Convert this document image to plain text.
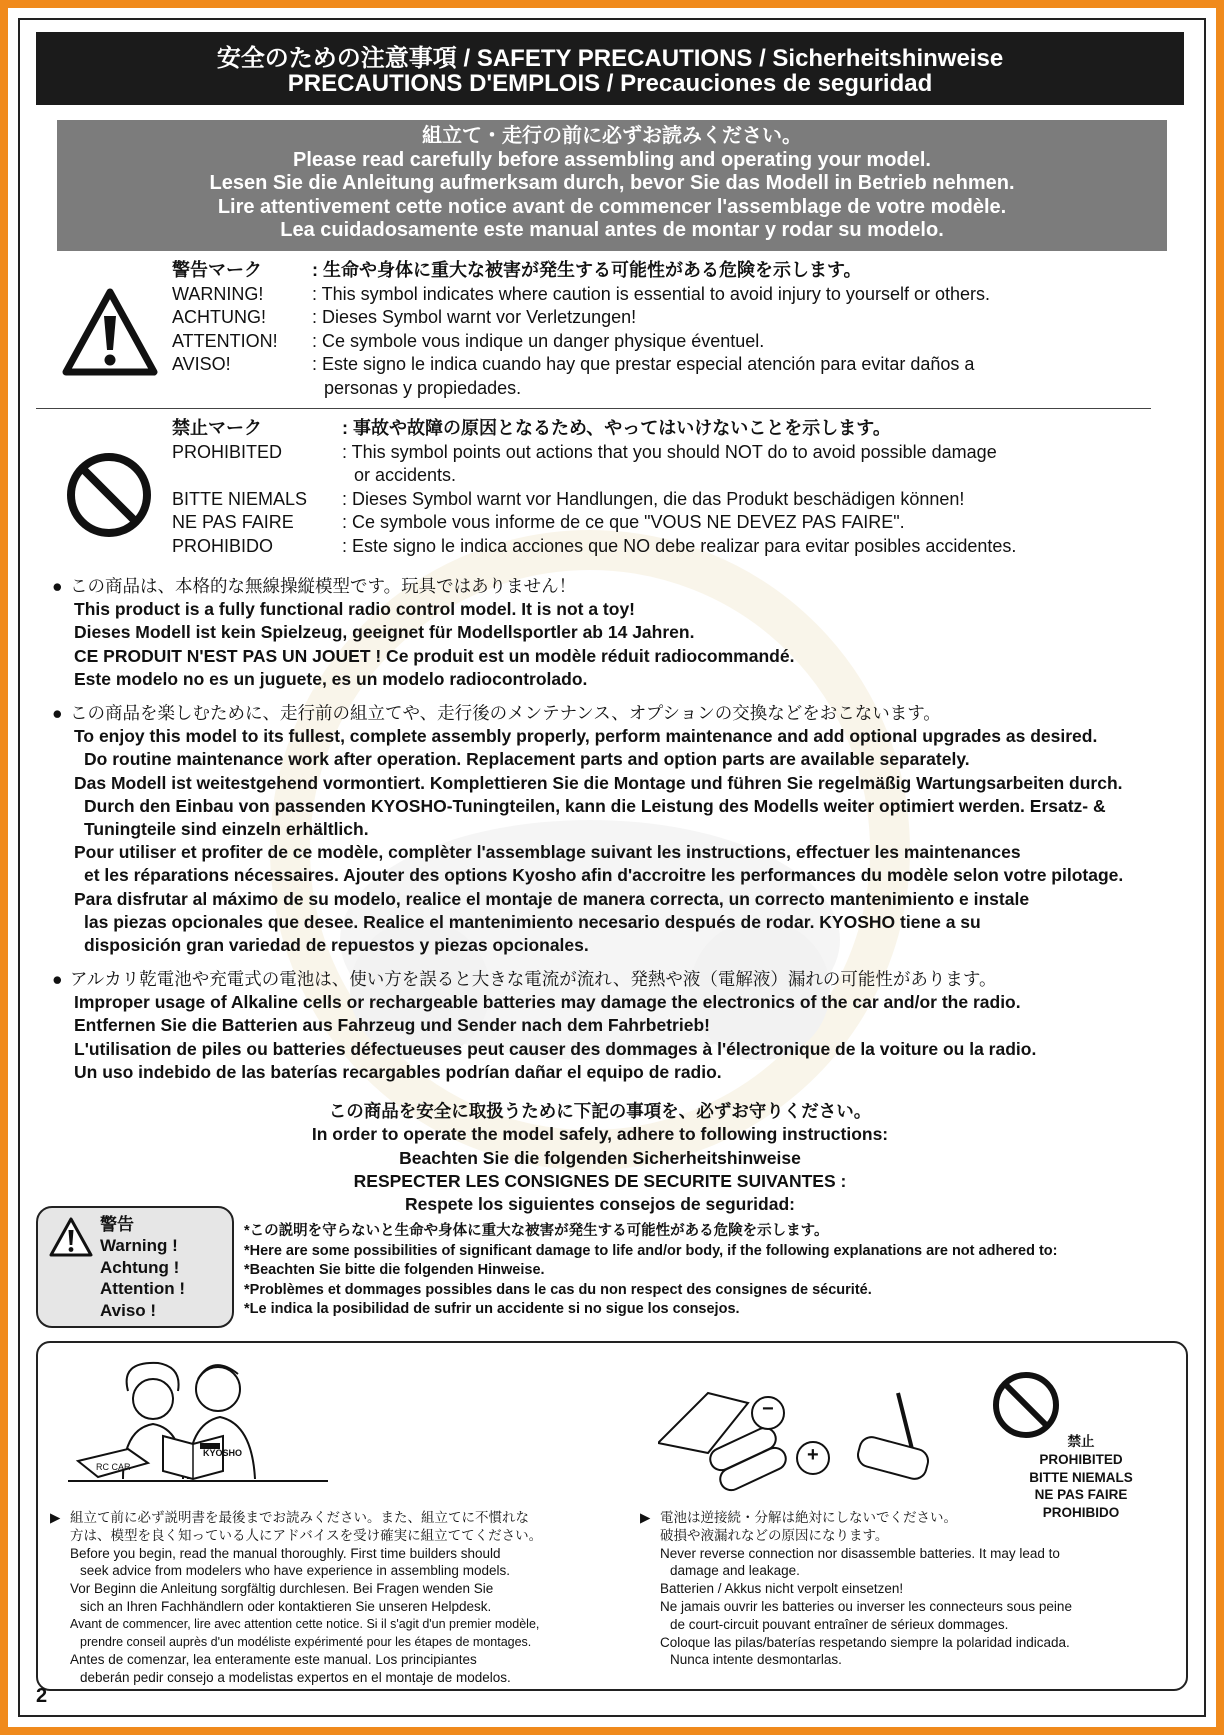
安全のための注意事項 / SAFETY PRECAUTIONS / Sicherheitshinweise
PRECAUTIONS D'EMPLOIS / Precauciones de seguridad
組立て・走行の前に必ずお読みください。
Please read carefully before assembling and operating your model.
Lesen Sie die Anleitung aufmerksam durch, bevor Sie das Modell in Betrieb nehmen.
Lire attentivement cette notice avant de commencer l'assemblage de votre modèle.
Lea cuidadosamente este manual antes de montar y rodar su modelo.
警告マーク
WARNING!
ACHTUNG!
ATTENTION!
AVISO!
: 生命や身体に重大な被害が発生する可能性がある危険を示します。
: This symbol indicates where caution is essential to avoid injury to yourself or others.
: Dieses Symbol warnt vor Verletzungen!
: Ce symbole vous indique un danger physique éventuel.
: Este signo le indica cuando hay que prestar especial atención para evitar daños a
personas y propiedades.
禁止マーク
PROHIBITED
BITTE NIEMALS
NE PAS FAIRE
PROHIBIDO
: 事故や故障の原因となるため、やってはいけないことを示します。
: This symbol points out actions that you should NOT do to avoid possible damage
or accidents.
: Dieses Symbol warnt vor Handlungen, die das Produkt beschädigen können!
: Ce symbole vous informe de ce que "VOUS NE DEVEZ PAS FAIRE".
: Este signo le indica acciones que NO debe realizar para evitar posibles accidentes.
● この商品は、本格的な無線操縦模型です。玩具ではありません！
This product is a fully functional radio control model. It is not a toy!
Dieses Modell ist kein Spielzeug, geeignet für Modellsportler ab 14 Jahren.
CE PRODUIT N'EST PAS UN JOUET ! Ce produit est un modèle réduit radiocommandé.
Este modelo no es un juguete, es un modelo radiocontrolado.
● この商品を楽しむために、走行前の組立てや、走行後のメンテナンス、オプションの交換などをおこないます。
To enjoy this model to its fullest, complete assembly properly, perform maintenance and add optional upgrades as desired.
Do routine maintenance work after operation. Replacement parts and option parts are available separately.
Das Modell ist weitestgehend vormontiert. Komplettieren Sie die Montage und führen Sie regelmäßig Wartungsarbeiten durch.
Durch den Einbau von passenden KYOSHO-Tuningteilen, kann die Leistung des Modells weiter optimiert werden. Ersatz- &
Tuningteile sind einzeln erhältlich.
Pour utiliser et profiter de ce modèle, complèter l'assemblage suivant les instructions, effectuer les maintenances
et les réparations nécessaires. Ajouter des options Kyosho afin d'accroitre les performances du modèle selon votre pilotage.
Para disfrutar al máximo de su modelo, realice el montaje de manera correcta, un correcto mantenimiento e instale
las piezas opcionales que desee. Realice el mantenimiento necesario después de rodar. KYOSHO tiene a su
disposición gran variedad de repuestos y piezas opcionales.
● アルカリ乾電池や充電式の電池は、使い方を誤ると大きな電流が流れ、発熱や液（電解液）漏れの可能性があります。
Improper usage of Alkaline cells or rechargeable batteries may damage the electronics of the car and/or the radio.
Entfernen Sie die Batterien aus Fahrzeug und Sender nach dem Fahrbetrieb!
L'utilisation de piles ou batteries défectueuses peut causer des dommages à l'électronique de la voiture ou la radio.
Un uso indebido de las baterías recargables podrían dañar el equipo de radio.
この商品を安全に取扱うために下記の事項を、必ずお守りください。
In order to operate the model safely, adhere to following instructions:
Beachten Sie die folgenden Sicherheitshinweise
RESPECTER LES CONSIGNES DE SECURITE SUIVANTES :
Respete los siguientes consejos de seguridad:
警告
Warning !
Achtung !
Attention !
Aviso !
*この説明を守らないと生命や身体に重大な被害が発生する可能性がある危険を示します。
*Here are some possibilities of significant damage to life and/or body, if the following explanations are not adhered to:
*Beachten Sie bitte die folgenden Hinweise.
*Problèmes et dommages possibles dans le cas du non respect des consignes de sécurité.
*Le indica la posibilidad de sufrir un accidente si no sigue los consejos.
RC CAR
KYOSHO
▶ 組立て前に必ず説明書を最後までお読みください。また、組立てに不慣れな
方は、模型を良く知っている人にアドバイスを受け確実に組立ててください。
Before you begin, read the manual thoroughly. First time builders should
seek advice from modelers who have experience in assembling models.
Vor Beginn die Anleitung sorgfältig durchlesen. Bei Fragen wenden Sie
sich an Ihren Fachhändlern oder kontaktieren Sie unseren Helpdesk.
Avant de commencer, lire avec attention cette notice. Si il s'agit d'un premier modèle,
prendre conseil auprès d'un modéliste expérimenté pour les étapes de montages.
Antes de comenzar, lea enteramente este manual. Los principiantes
deberán pedir consejo a modelistas expertos en el montaje de modelos.
−
+
禁止
PROHIBITED
BITTE NIEMALS
NE PAS FAIRE
PROHIBIDO
▶ 電池は逆接続・分解は絶対にしないでください。
破損や液漏れなどの原因になります。
Never reverse connection nor disassemble batteries. It may lead to
damage and leakage.
Batterien / Akkus nicht verpolt einsetzen!
Ne jamais ouvrir les batteries ou inverser les connecteurs sous peine
de court-circuit pouvant entraîner de sérieux dommages.
Coloque las pilas/baterías respetando siempre la polaridad indicada.
Nunca intente desmontarlas.
2
